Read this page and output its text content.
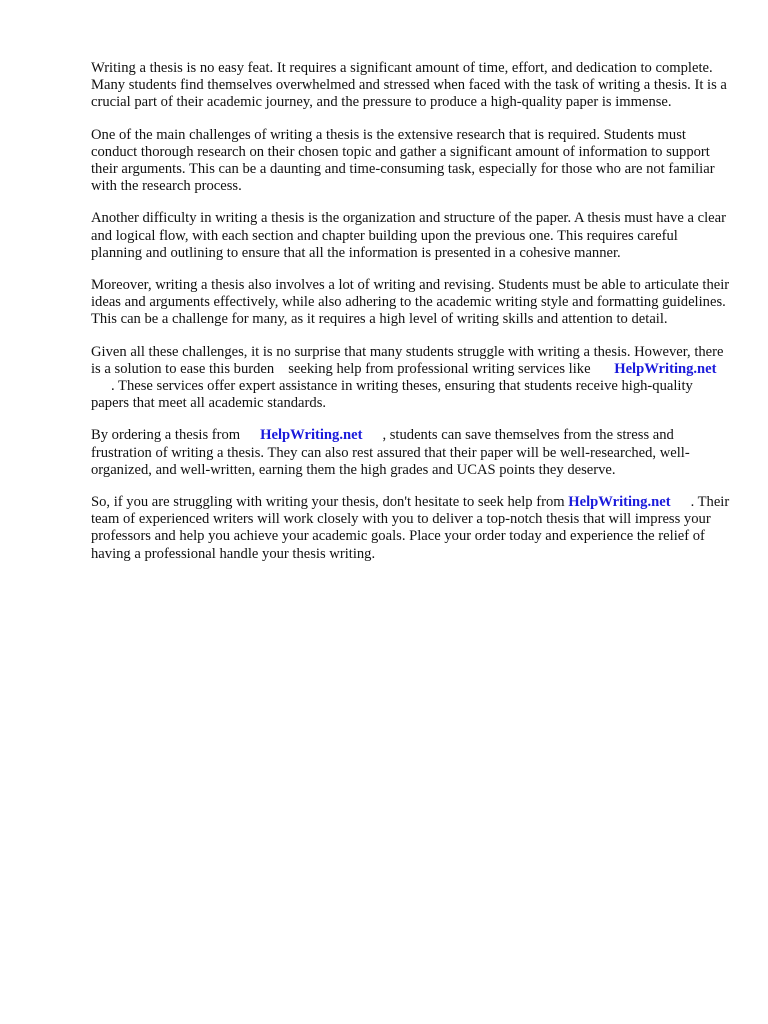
Writing a thesis is no easy feat. It requires a significant amount of time, effort, and dedication to complete. Many students find themselves overwhelmed and stressed when faced with the task of writing a thesis. It is a crucial part of their academic journey, and the pressure to produce a high-quality paper is immense.

One of the main challenges of writing a thesis is the extensive research that is required. Students must conduct thorough research on their chosen topic and gather a significant amount of information to support their arguments. This can be a daunting and time-consuming task, especially for those who are not familiar with the research process.

Another difficulty in writing a thesis is the organization and structure of the paper. A thesis must have a clear and logical flow, with each section and chapter building upon the previous one. This requires careful planning and outlining to ensure that all the information is presented in a cohesive manner.

Moreover, writing a thesis also involves a lot of writing and revising. Students must be able to articulate their ideas and arguments effectively, while also adhering to the academic writing style and formatting guidelines. This can be a challenge for many, as it requires a high level of writing skills and attention to detail.

Given all these challenges, it is no surprise that many students struggle with writing a thesis. However, there is a solution to ease this burden seeking help from professional writing services like HelpWriting.net. These services offer expert assistance in writing theses, ensuring that students receive high-quality papers that meet all academic standards.

By ordering a thesis from HelpWriting.net , students can save themselves from the stress and frustration of writing a thesis. They can also rest assured that their paper will be well-researched, well-organized, and well-written, earning them the high grades and UCAS points they deserve.

So, if you are struggling with writing your thesis, don't hesitate to seek help from HelpWriting.net . Their team of experienced writers will work closely with you to deliver a top-notch thesis that will impress your professors and help you achieve your academic goals. Place your order today and experience the relief of having a professional handle your thesis writing.
